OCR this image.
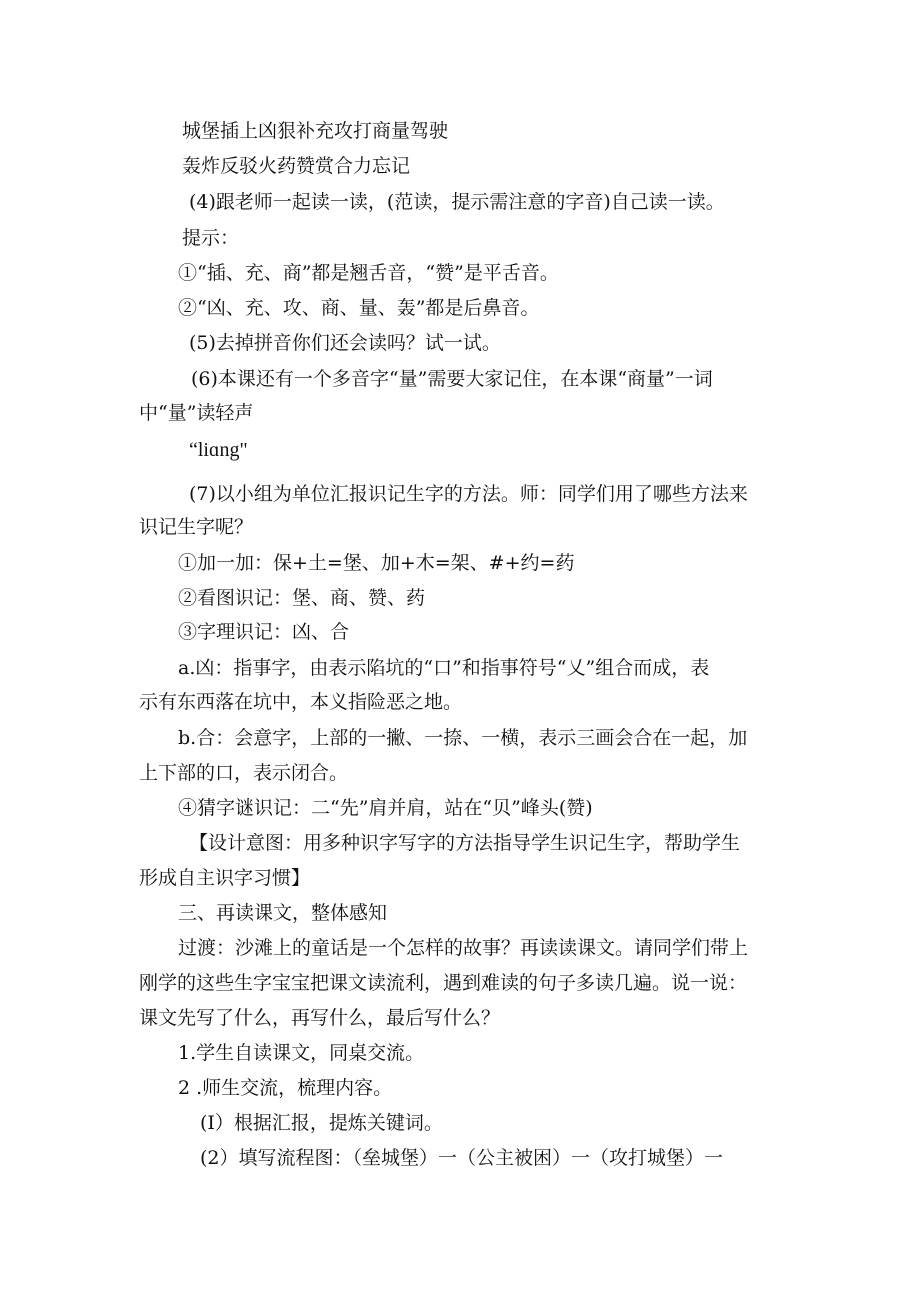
城堡插上凶狠补充攻打商量驾驶
轰炸反驳火药赞赏合力忘记
(4)跟老师一起读一读，(范读，提示需注意的字音)自己读一读。
提示：
①“插、充、商”都是翘舌音，“赞”是平舌音。
②“凶、充、攻、商、量、轰”都是后鼻音。
(5)去掉拼音你们还会读吗？试一试。
(6)本课还有一个多音字“量”需要大家记住，在本课“商量”一词
中“量”读轻声
“liɑng"
(7)以小组为单位汇报识记生字的方法。师：同学们用了哪些方法来
识记生字呢？
①加一加：保+土=堡、加+木=架、#+约=药
②看图识记：堡、商、赞、药
③字理识记：凶、合
a.凶：指事字，由表示陷坑的“口”和指事符号“乂”组合而成，表
示有东西落在坑中，本义指险恶之地。
b.合：会意字，上部的一撇、一捺、一横，表示三画会合在一起，加
上下部的口，表示闭合。
④猜字谜识记：二“先”肩并肩，站在“贝”峰头(赞)
【设计意图：用多种识字写字的方法指导学生识记生字，帮助学生
形成自主识字习惯】
三、再读课文，整体感知
过渡：沙滩上的童话是一个怎样的故事？再读读课文。请同学们带上
刚学的这些生字宝宝把课文读流利，遇到难读的句子多读几遍。说一说：
课文先写了什么，再写什么，最后写什么？
1.学生自读课文，同桌交流。
2 .师生交流，梳理内容。
(I）根据汇报，提炼关键词。
(2）填写流程图：（垒城堡）一（公主被困）一（攻打城堡）一
